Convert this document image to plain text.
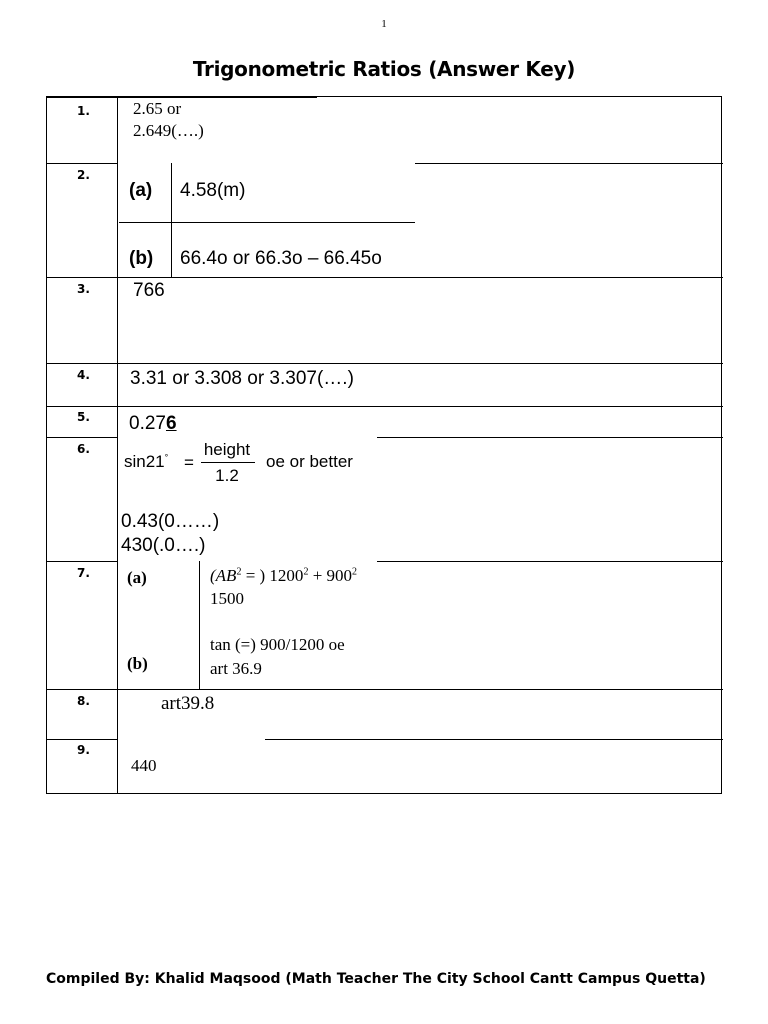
1
Trigonometric Ratios (Answer Key)
1.	2.65 or
2.649(….)
2.
(a) 4.58(m)
(b) 66.4o or 66.3o – 66.45o
3. 766
4. 3.31 or 3.308 or 3.307(….)
5. 0.276
6.
sin21° =
height
1.2
oe or better
0.43(0……)
430(.0….)
7. (a)	($AB^2$ = ) $1200^2 + 900^2$
1500
(b)
tan (=) 900/1200 oe
art 36.9
8.	art39.8
9.
440
Compiled By: Khalid Maqsood (Math Teacher The City School Cantt Campus Quetta)
